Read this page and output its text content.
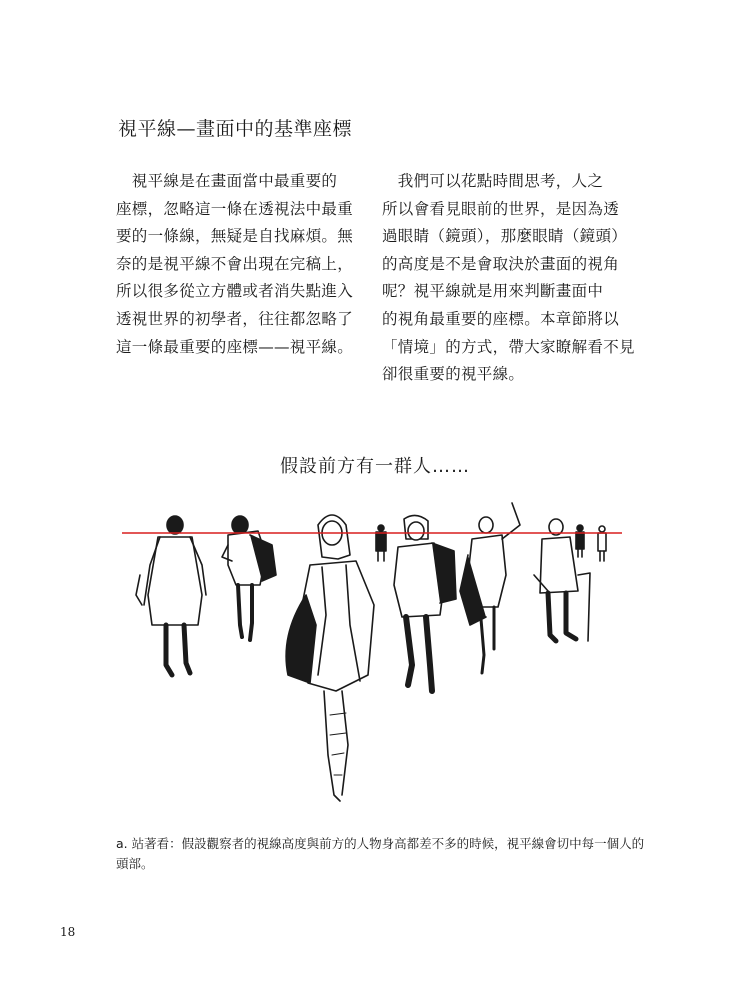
視平線—畫面中的基準座標
　視平線是在畫面當中最重要的
座標，忽略這一條在透視法中最重
要的一條線，無疑是自找麻煩。無
奈的是視平線不會出現在完稿上，
所以很多從立方體或者消失點進入
透視世界的初學者，往往都忽略了
這一條最重要的座標——視平線。
　我們可以花點時間思考，人之
所以會看見眼前的世界，是因為透
過眼睛（鏡頭），那麼眼睛（鏡頭）
的高度是不是會取決於畫面的視角
呢？視平線就是用來判斷畫面中
的視角最重要的座標。本章節將以
「情境」的方式，帶大家瞭解看不見
卻很重要的視平線。
假設前方有一群人……
a. 站著看：假設觀察者的視線高度與前方的人物身高都差不多的時候，視平線會切中每一個人的
頭部。
18
